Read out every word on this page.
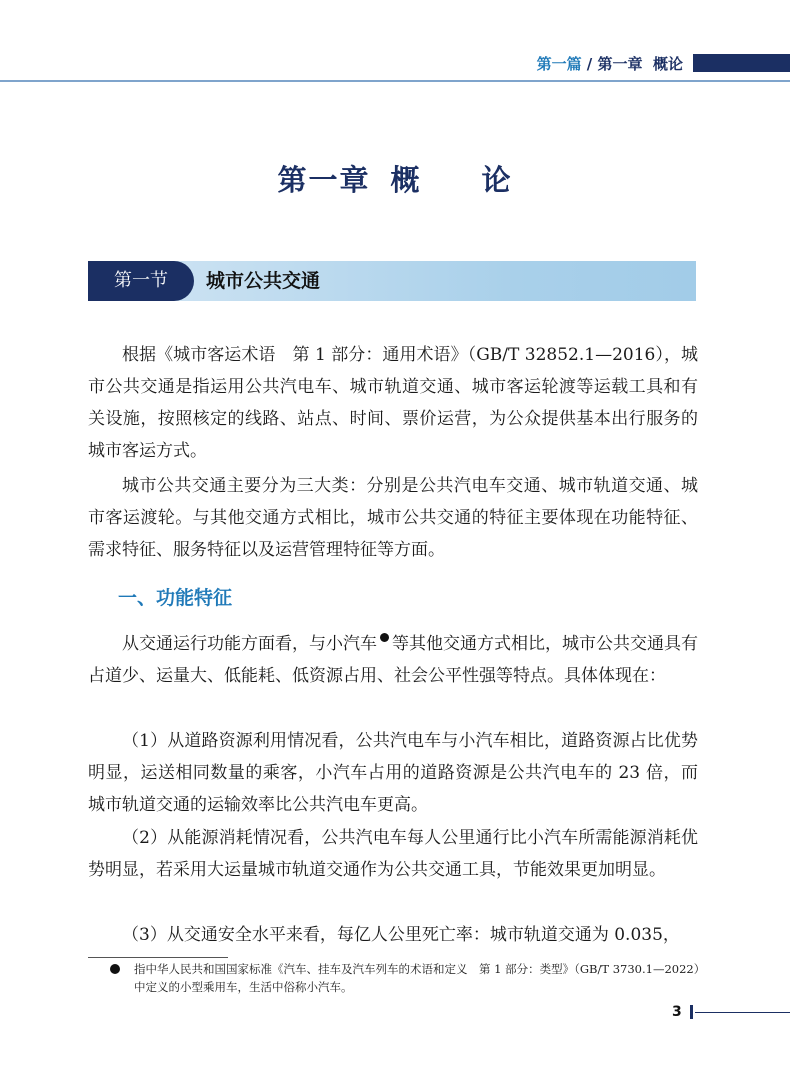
第一篇 / 第一章 概论
第一章 概 论
第一节	城市公共交通

根据《城市客运术语　第 1 部分：通用术语》（GB/T 32852.1—2016），城市公共交通是指运用公共汽电车、城市轨道交通、城市客运轮渡等运载工具和有关设施，按照核定的线路、站点、时间、票价运营，为公众提供基本出行服务的城市客运方式。

城市公共交通主要分为三大类：分别是公共汽电车交通、城市轨道交通、城市客运渡轮。与其他交通方式相比，城市公共交通的特征主要体现在功能特征、需求特征、服务特征以及运营管理特征等方面。

一、功能特征

从交通运行功能方面看，与小汽车 等其他交通方式相比，城市公共交通具有占道少、运量大、低能耗、低资源占用、社会公平性强等特点。具体体现在：

（1）从道路资源利用情况看，公共汽电车与小汽车相比，道路资源占比优势明显，运送相同数量的乘客，小汽车占用的道路资源是公共汽电车的 23 倍，而城市轨道交通的运输效率比公共汽电车更高。

（2）从能源消耗情况看，公共汽电车每人公里通行比小汽车所需能源消耗优势明显，若采用大运量城市轨道交通作为公共交通工具，节能效果更加明显。

（3）从交通安全水平来看，每亿人公里死亡率：城市轨道交通为 0.035，

指中华人民共和国国家标准《汽车、挂车及汽车列车的术语和定义　第 1 部分：类型》（GB/T 3730.1—2022）中定义的小型乘用车，生活中俗称小汽车。
3
